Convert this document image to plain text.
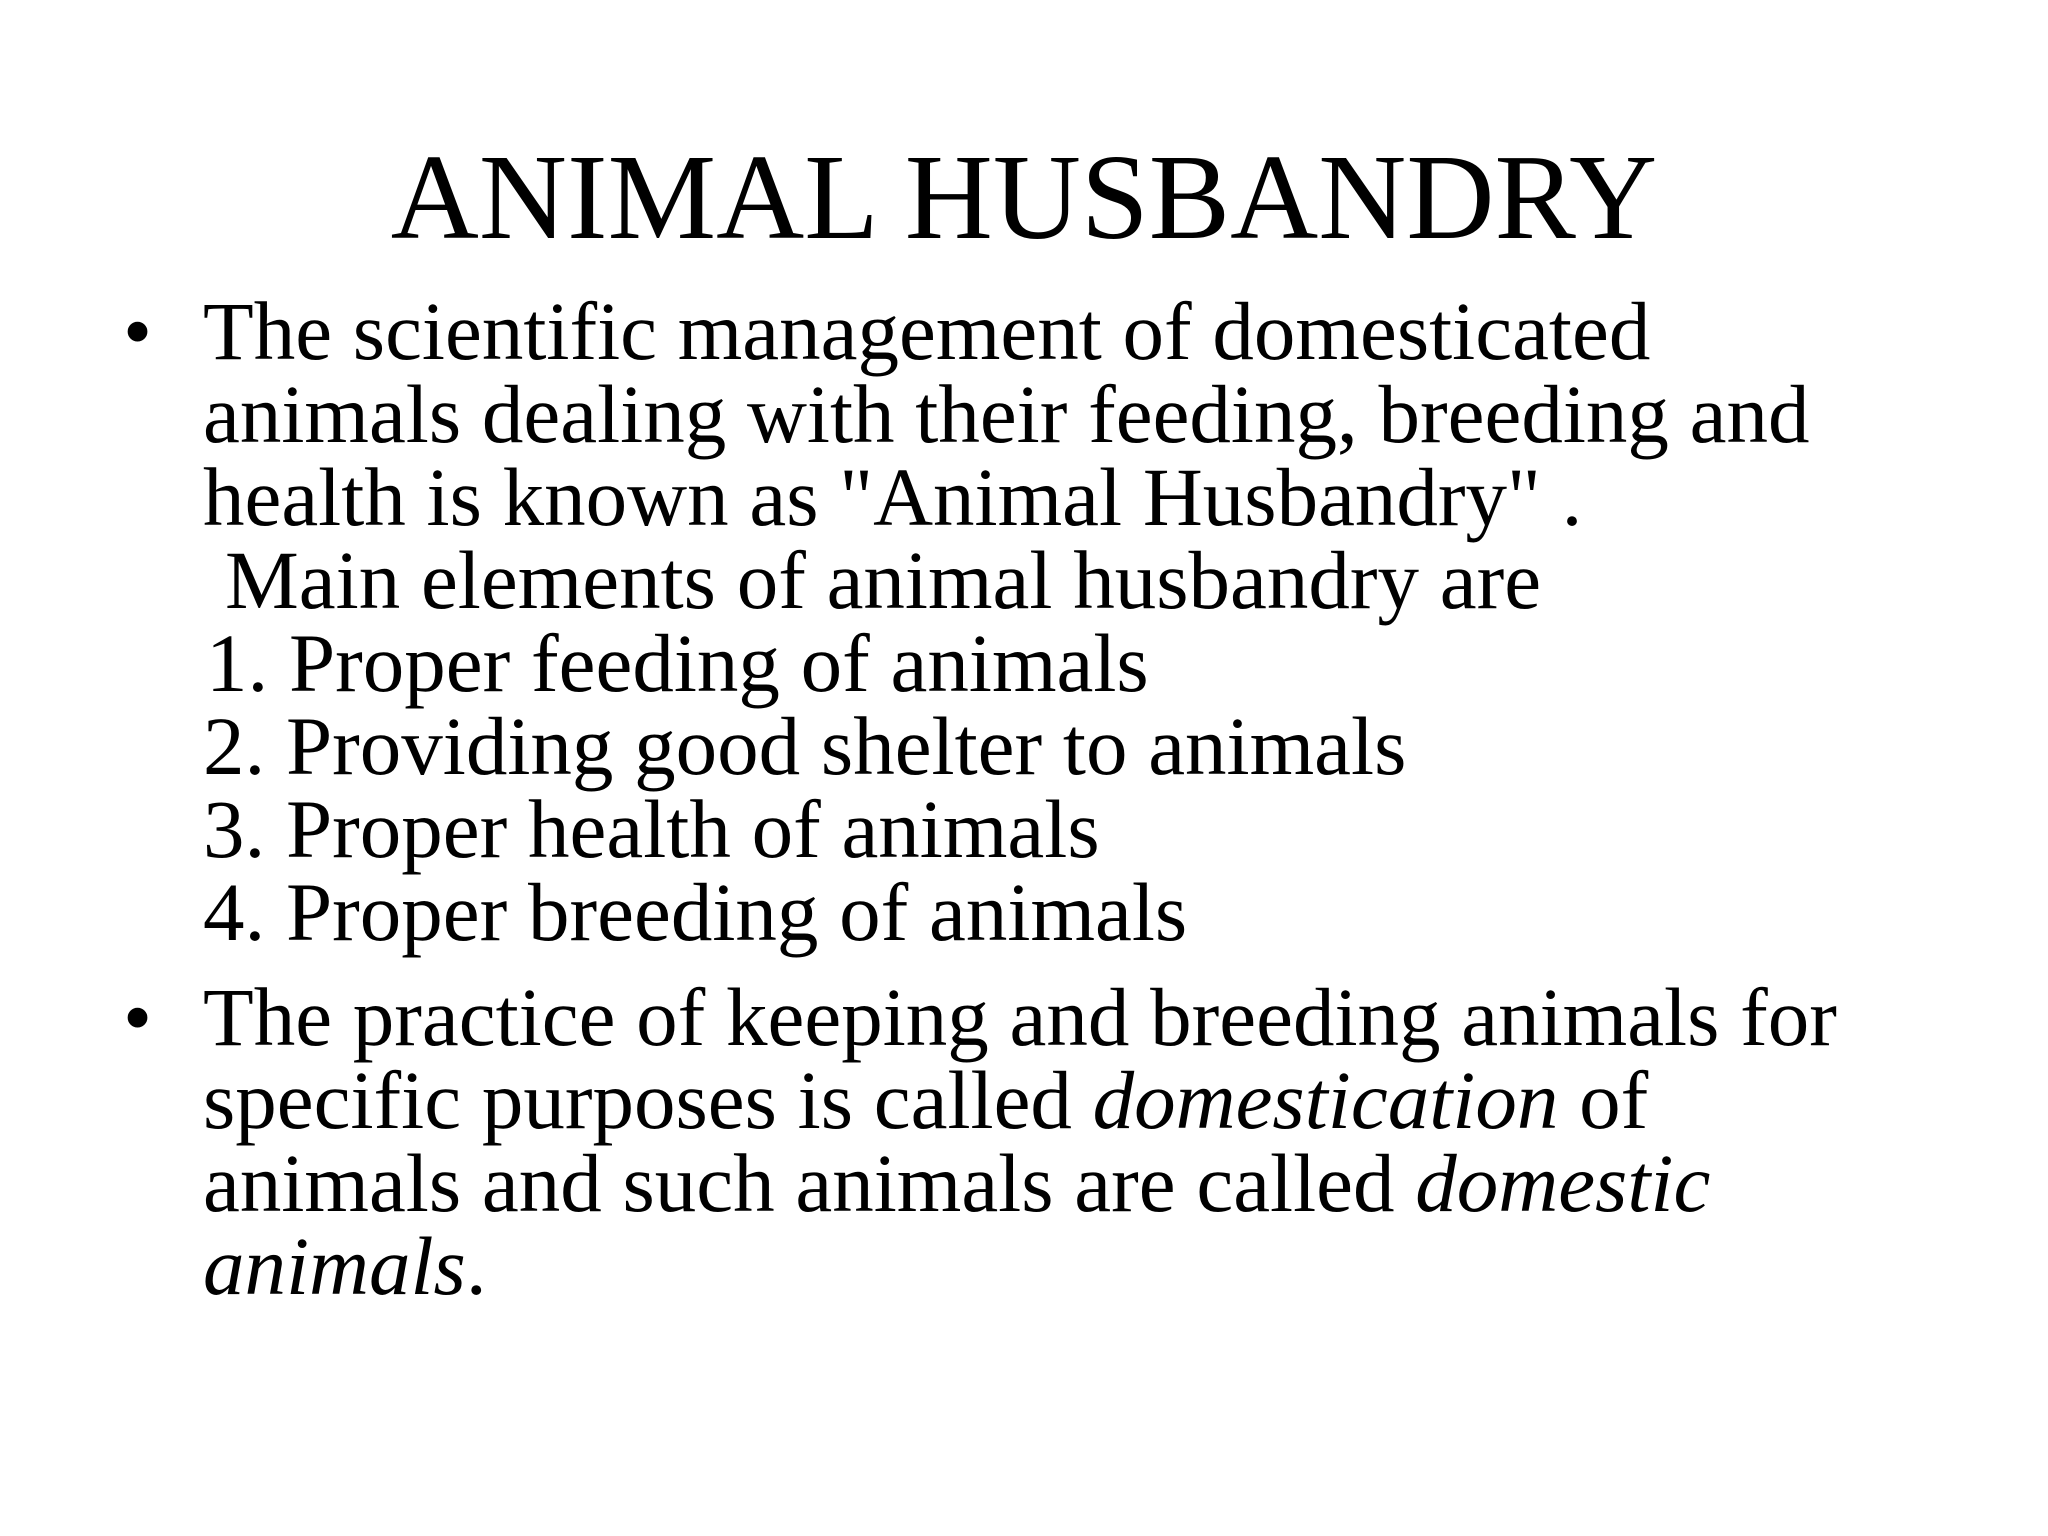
ANIMAL HUSBANDRY
• The scientific management of domesticated
animals dealing with their feeding, breeding and
health is known as "Animal Husbandry" .
Main elements of animal husbandry are
1. Proper feeding of animals
2. Providing good shelter to animals
3. Proper health of animals
4. Proper breeding of animals
• The practice of keeping and breeding animals for
specific purposes is called domestication of
animals and such animals are called domestic
animals.
